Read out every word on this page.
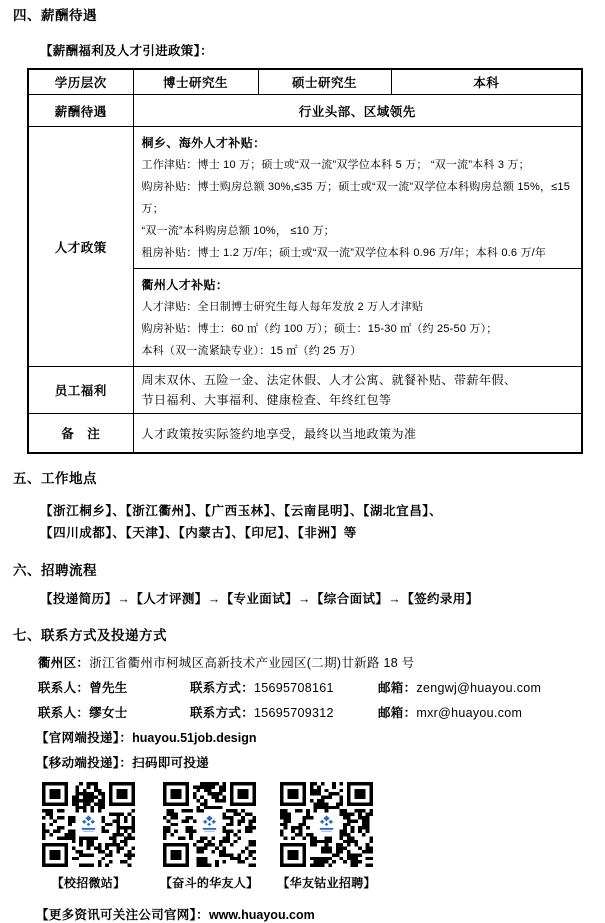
四、薪酬待遇
【薪酬福利及人才引进政策】：
学历层次	博士研究生	硕士研究生	本科
薪酬待遇	行业头部、区域领先		
人才政策	桐乡、海外人才补贴：
工作津贴：博士 10 万；硕士或“双一流”双学位本科 5 万； “双一流”本科 3 万；
购房补贴：博士购房总额 30%,≤35 万；硕士或“双一流”双学位本科购房总额 15%，≤15 万；
“双一流”本科购房总额 10%， ≤10 万；
租房补贴：博士 1.2 万/年；硕士或“双一流”双学位本科 0.96 万/年；本科 0.6 万/年		

	衢州人才补贴：
人才津贴：全日制博士研究生每人每年发放 2 万人才津贴
购房补贴：博士：60 ㎡（约 100 万）；硕士：15-30 ㎡（约 25-50 万）；
本科（双一流紧缺专业）：15 ㎡（约 25 万）		

员工福利	周末双休、五险一金、法定休假、人才公寓、就餐补贴、带薪年假、
节日福利、大事福利、健康检查、年终红包等		

备　注	人才政策按实际签约地享受，最终以当地政策为准		
五、工作地点
【浙江桐乡】、【浙江衢州】、【广西玉林】、【云南昆明】、【湖北宜昌】、
【四川成都】、【天津】、【内蒙古】、【印尼】、【非洲】等
六、招聘流程
【投递简历】→【人才评测】→【专业面试】→【综合面试】→【签约录用】
七、联系方式及投递方式
衢州区：浙江省衢州市柯城区高新技术产业园区(二期)廿新路 18 号
联系人：曾先生	联系方式：15695708161	邮箱：zengwj@huayou.com
联系人：缪女士	联系方式：15695709312	邮箱：mxr@huayou.com
【官网端投递】：huayou.51job.design
【移动端投递】：扫码即可投递
【校招微站】	【奋斗的华友人】 【华友钴业招聘】
【更多资讯可关注公司官网】：www.huayou.com
